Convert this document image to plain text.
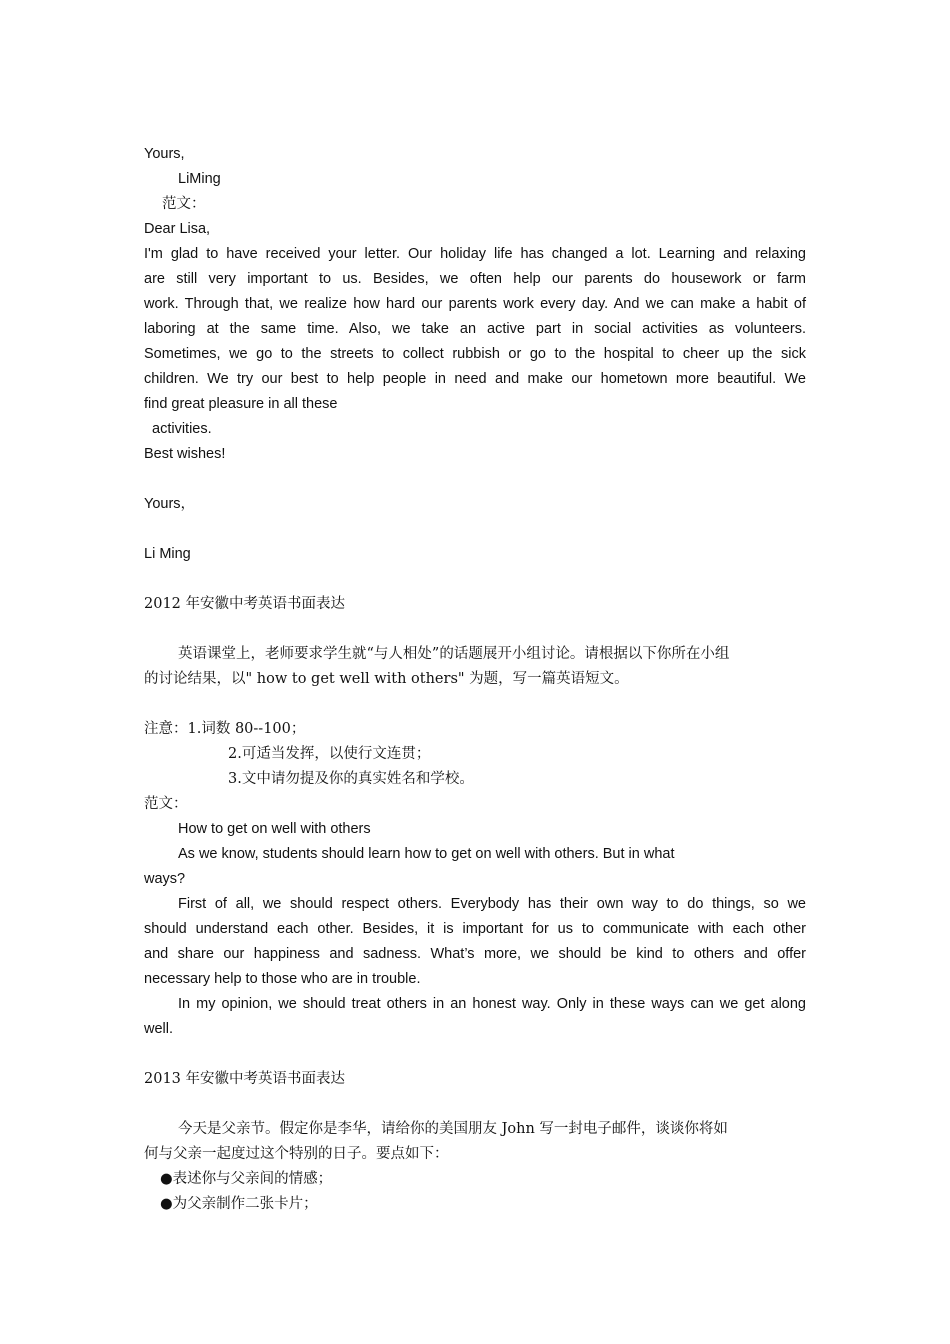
Yours,
LiMing
范文：
Dear Lisa,
I'm glad to have received your letter. Our holiday life has changed a lot. Learning and relaxing
are still very important to us. Besides, we often help our parents do housework or farm
work. Through that, we realize how hard our parents work every day. And we can make a habit of
laboring at the same time. Also, we take an active part in social activities as volunteers.
Sometimes, we go to the streets to collect rubbish or go to the hospital to cheer up the sick
children. We try our best to help people in need and make our hometown more beautiful. We
find great pleasure in all these
activities.
Best wishes!
Yours，
Li Ming
2012 年安徽中考英语书面表达
英语课堂上，老师要求学生就“与人相处”的话题展开小组讨论。请根据以下你所在小组
的讨论结果，以" how to get well with others" 为题，写一篇英语短文。
注意：1.词数 80--100；
2.可适当发挥，以使行文连贯；
3.文中请勿提及你的真实姓名和学校。
范文：
How to get on well with others
As we know, students should learn how to get on well with others. But in what
ways?
First of all, we should respect others. Everybody has their own way to do things, so we
should understand each other. Besides, it is important for us to communicate with each other
and share our happiness and sadness. What’s more, we should be kind to others and offer
necessary help to those who are in trouble.
In my opinion, we should treat others in an honest way. Only in these ways can we get along
well.
2013 年安徽中考英语书面表达
今天是父亲节。假定你是李华，请给你的美国朋友 John 写一封电子邮件，谈谈你将如
何与父亲一起度过这个特别的日子。要点如下：
●表述你与父亲间的情感；
●为父亲制作二张卡片；
